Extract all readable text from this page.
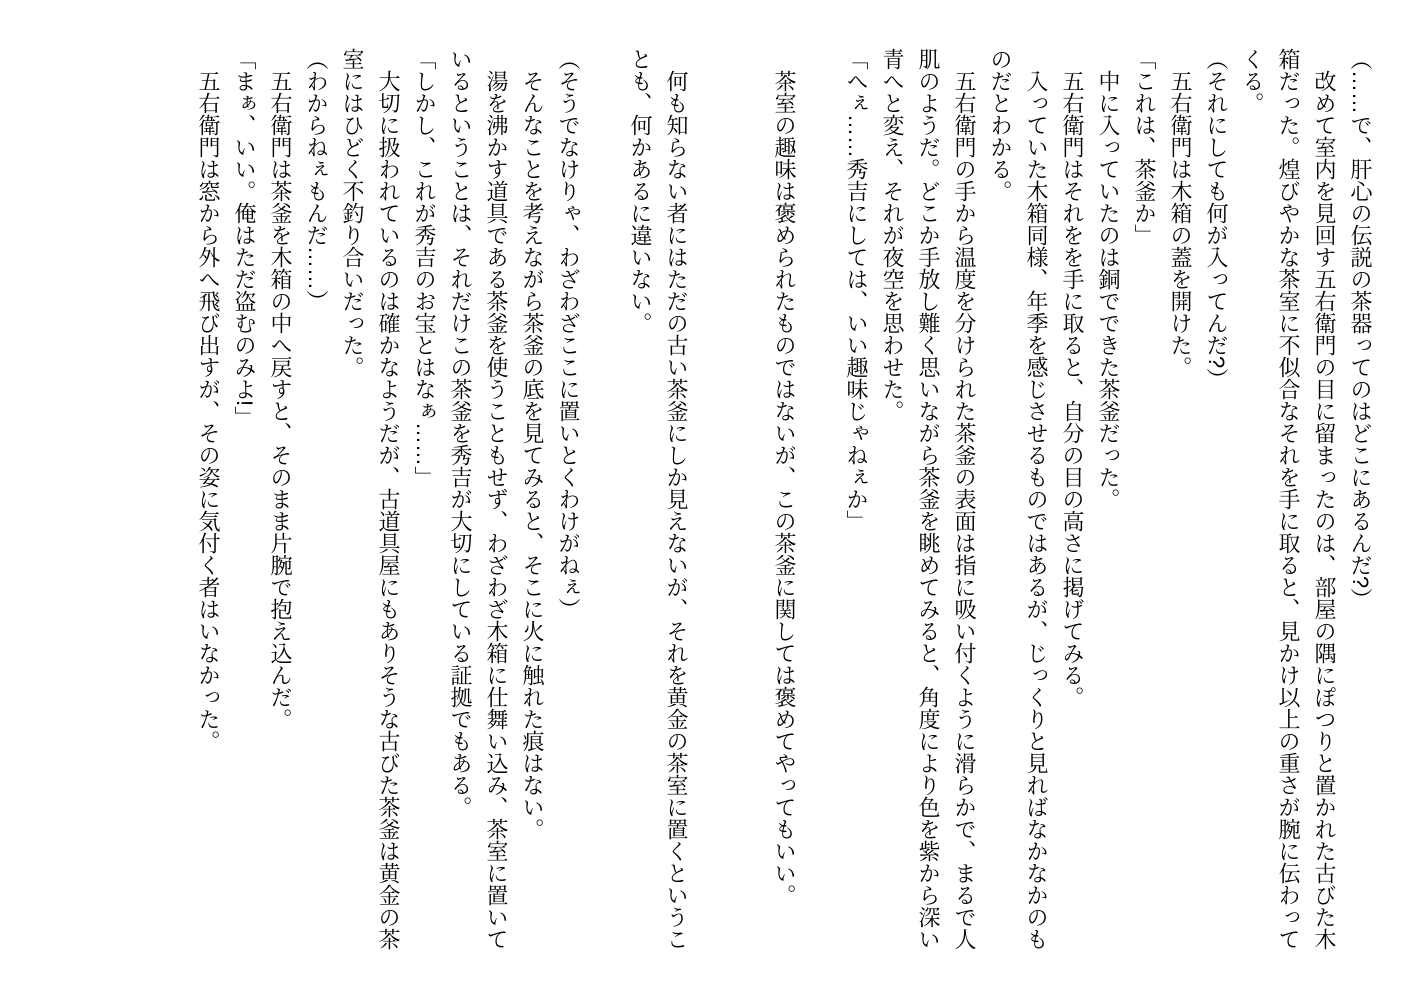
（……で、肝心の伝説の茶器ってのはどこにあるんだ?）

改めて室内を見回す五右衛門の目に留まったのは、部屋の隅にぽつりと置かれた古びた木

箱だった。煌びやかな茶室に不似合なそれを手に取ると、見かけ以上の重さが腕に伝わって

くる。

（それにしても何が入ってんだ?）

五右衛門は木箱の蓋を開けた。

「これは、茶釜か」

中に入っていたのは銅でできた茶釜だった。

五右衛門はそれをを手に取ると、自分の目の高さに掲げてみる。

入っていた木箱同様、年季を感じさせるものではあるが、じっくりと見ればなかなかのも

のだとわかる。

五右衛門の手から温度を分けられた茶釜の表面は指に吸い付くように滑らかで、まるで人

肌のようだ。どこか手放し難く思いながら茶釜を眺めてみると、角度により色を紫から深い

青へと変え、それが夜空を思わせた。

「へぇ……秀吉にしては、いい趣味じゃねぇか」

茶室の趣味は褒められたものではないが、この茶釜に関しては褒めてやってもいい。

何も知らない者にはただの古い茶釜にしか見えないが、それを黄金の茶室に置くというこ

とも、何かあるに違いない。

（そうでなけりゃ、わざわざここに置いとくわけがねぇ）

そんなことを考えながら茶釜の底を見てみると、そこに火に触れた痕はない。

湯を沸かす道具である茶釜を使うこともせず、わざわざ木箱に仕舞い込み、茶室に置いて

いるということは、それだけこの茶釜を秀吉が大切にしている証拠でもある。

「しかし、これが秀吉のお宝とはなぁ……」

大切に扱われているのは確かなようだが、古道具屋にもありそうな古びた茶釜は黄金の茶

室にはひどく不釣り合いだった。

（わからねぇもんだ……）

五右衛門は茶釜を木箱の中へ戻すと、そのまま片腕で抱え込んだ。

「まぁ、いい。俺はただ盗むのみよ!」

五右衛門は窓から外へ飛び出すが、その姿に気付く者はいなかった。
